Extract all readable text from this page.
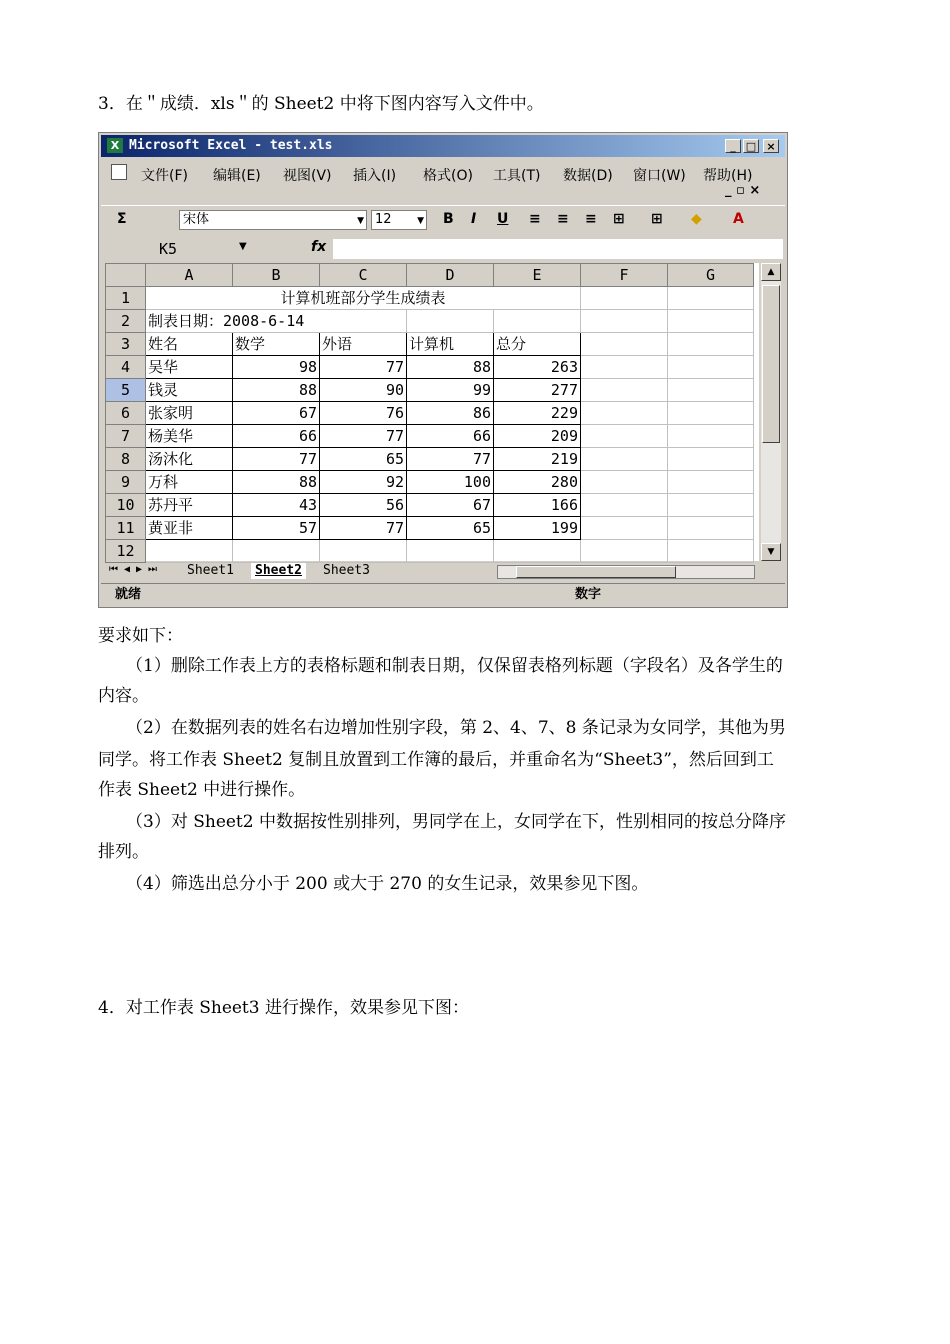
3．在＂成绩．xls＂的 Sheet2 中将下图内容写入文件中。
X Microsoft Excel - test.xls	_ □ ×
文件(F) 编辑(E) 视图(V) 插入(I) 格式(O) 工具(T) 数据(D) 窗口(W) 帮助(H)
_ ▫ ×
Σ	宋体	▼ 12	▼ B I U ≡ ≡ ≡ ⊞ ⊞ ◆ A
K5	▼	fx
	A	B	C	D	E	F	G
1	计算机班部分学生成绩表						
2	制表日期：2008-6-14						
3	姓名	数学	外语	计算机	总分		
4	吴华	98	77	88	263		
5	钱灵	88	90	99	277		
6	张家明	67	76	86	229		
7	杨美华	66	77	66	209		
8	汤沐化	77	65	77	219		
9	万科	88	92	100	280		
10	苏丹平	43	56	67	166		
11	黄亚非	57	77	65	199		
12							
▲
▼
⏮◀▶⏭	Sheet1	Sheet2	Sheet3
就绪	数字
要求如下：
（1）删除工作表上方的表格标题和制表日期，仅保留表格列标题（字段名）及各学生的
内容。
（2）在数据列表的姓名右边增加性别字段，第 2、4、7、8 条记录为女同学，其他为男
同学。将工作表 Sheet2 复制且放置到工作簿的最后，并重命名为“Sheet3”，然后回到工
作表 Sheet2 中进行操作。
（3）对 Sheet2 中数据按性别排列，男同学在上，女同学在下，性别相同的按总分降序
排列。
（4）筛选出总分小于 200 或大于 270 的女生记录，效果参见下图。
4．对工作表 Sheet3 进行操作，效果参见下图：
